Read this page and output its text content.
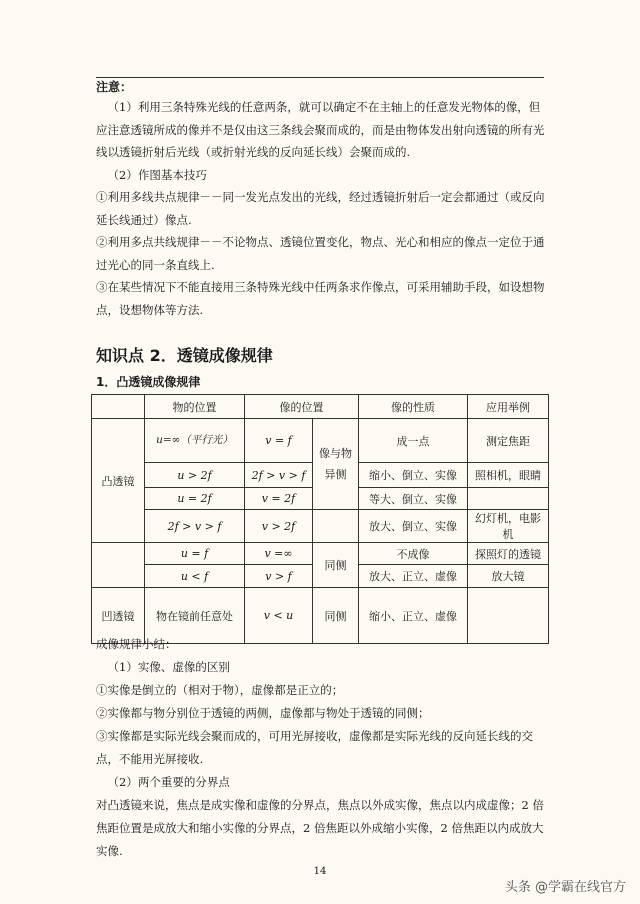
注意：
（1）利用三条特殊光线的任意两条，就可以确定不在主轴上的任意发光物体的像，但应注意透镜所成的像并不是仅由这三条线会聚而成的，而是由物体发出射向透镜的所有光线以透镜折射后光线（或折射光线的反向延长线）会聚而成的.
（2）作图基本技巧
①利用多线共点规律－－同一发光点发出的光线，经过透镜折射后一定会都通过（或反向延长线通过）像点.
②利用多点共线规律－－不论物点、透镜位置变化，物点、光心和相应的像点一定位于通过光心的同一条直线上.
③在某些情况下不能直接用三条特殊光线中任两条求作像点，可采用辅助手段，如设想物点，设想物体等方法.
知识点 2．透镜成像规律
1．凸透镜成像规律
	物的位置	像的位置		像的性质	应用举例
凸透镜	u=∞（平行光）	v = f	像与物异侧	成一点	测定焦距
	u > 2f	2f > v > f		缩小、倒立、实像	照相机，眼睛
	u = 2f	v = 2f		等大、倒立、实像	
	2f > v > f	v > 2f		放大、倒立、实像	幻灯机，电影机
	u = f	v =∞	同侧	不成像	探照灯的透镜
	u < f	v > f		放大、正立、虚像	放大镜
凹透镜	物在镜前任意处	v < u	同侧	缩小、正立、虚像	
成像规律小结：
（1）实像、虚像的区别
①实像是倒立的（相对于物），虚像都是正立的；
②实像都与物分别位于透镜的两侧，虚像都与物处于透镜的同侧；
③实像都是实际光线会聚而成的，可用光屏接收，虚像都是实际光线的反向延长线的交点，不能用光屏接收.
（2）两个重要的分界点
对凸透镜来说，焦点是成实像和虚像的分界点，焦点以外成实像，焦点以内成虚像；2 倍焦距位置是成放大和缩小实像的分界点，2 倍焦距以外成缩小实像，2 倍焦距以内成放大实像.
14
头条 @学霸在线官方
